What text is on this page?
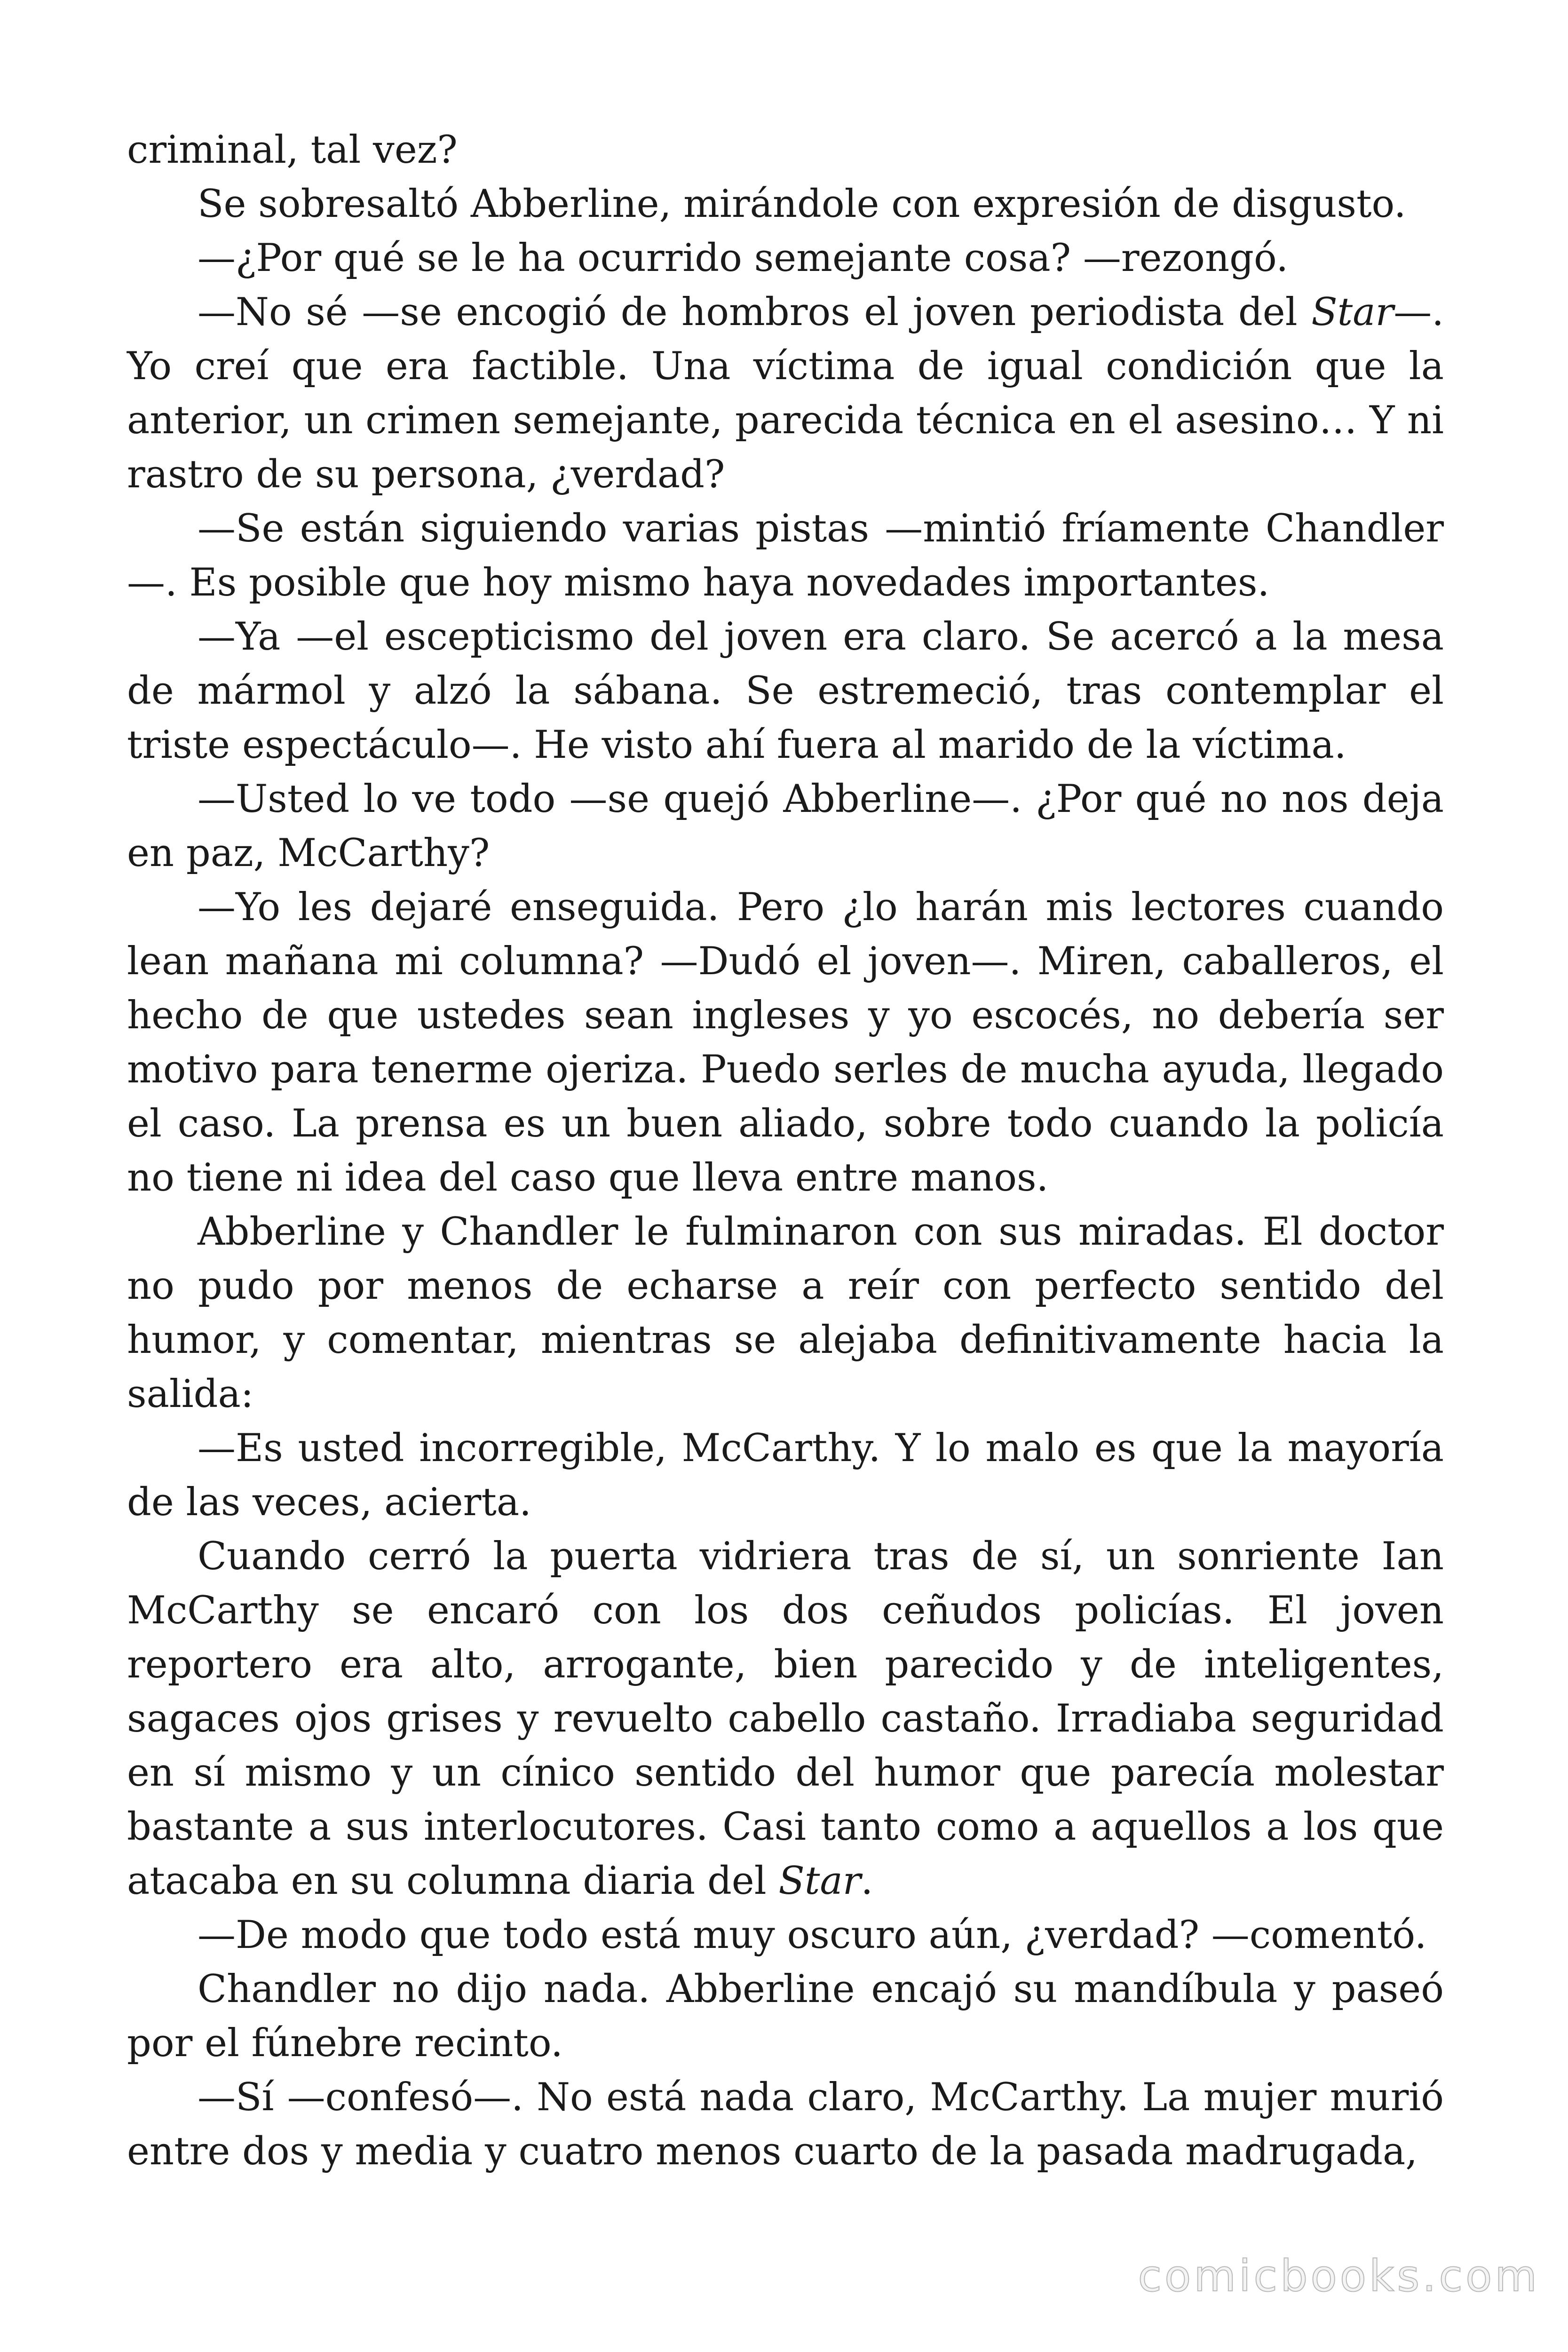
criminal, tal vez?

Se sobresaltó Abberline, mirándole con expresión de disgusto.

—¿Por qué se le ha ocurrido semejante cosa? —rezongó.

—No sé —se encogió de hombros el joven periodista del Star—. Yo creí que era factible. Una víctima de igual condición que la anterior, un crimen semejante, parecida técnica en el asesino… Y ni rastro de su persona, ¿verdad?

—Se están siguiendo varias pistas —mintió fríamente Chandler —. Es posible que hoy mismo haya novedades importantes.

—Ya —el escepticismo del joven era claro. Se acercó a la mesa de mármol y alzó la sábana. Se estremeció, tras contemplar el triste espectáculo—. He visto ahí fuera al marido de la víctima.

—Usted lo ve todo —se quejó Abberline—. ¿Por qué no nos deja en paz, McCarthy?

—Yo les dejaré enseguida. Pero ¿lo harán mis lectores cuando lean mañana mi columna? —Dudó el joven—. Miren, caballeros, el hecho de que ustedes sean ingleses y yo escocés, no debería ser motivo para tenerme ojeriza. Puedo serles de mucha ayuda, llegado el caso. La prensa es un buen aliado, sobre todo cuando la policía no tiene ni idea del caso que lleva entre manos.

Abberline y Chandler le fulminaron con sus miradas. El doctor no pudo por menos de echarse a reír con perfecto sentido del humor, y comentar, mientras se alejaba definitivamente hacia la salida:

—Es usted incorregible, McCarthy. Y lo malo es que la mayoría de las veces, acierta.

Cuando cerró la puerta vidriera tras de sí, un sonriente Ian McCarthy se encaró con los dos ceñudos policías. El joven reportero era alto, arrogante, bien parecido y de inteligentes, sagaces ojos grises y revuelto cabello castaño. Irradiaba seguridad en sí mismo y un cínico sentido del humor que parecía molestar bastante a sus interlocutores. Casi tanto como a aquellos a los que atacaba en su columna diaria del Star.

—De modo que todo está muy oscuro aún, ¿verdad? —comentó.

Chandler no dijo nada. Abberline encajó su mandíbula y paseó por el fúnebre recinto.

—Sí —confesó—. No está nada claro, McCarthy. La mujer murió entre dos y media y cuatro menos cuarto de la pasada madrugada,

comicbooks.com
